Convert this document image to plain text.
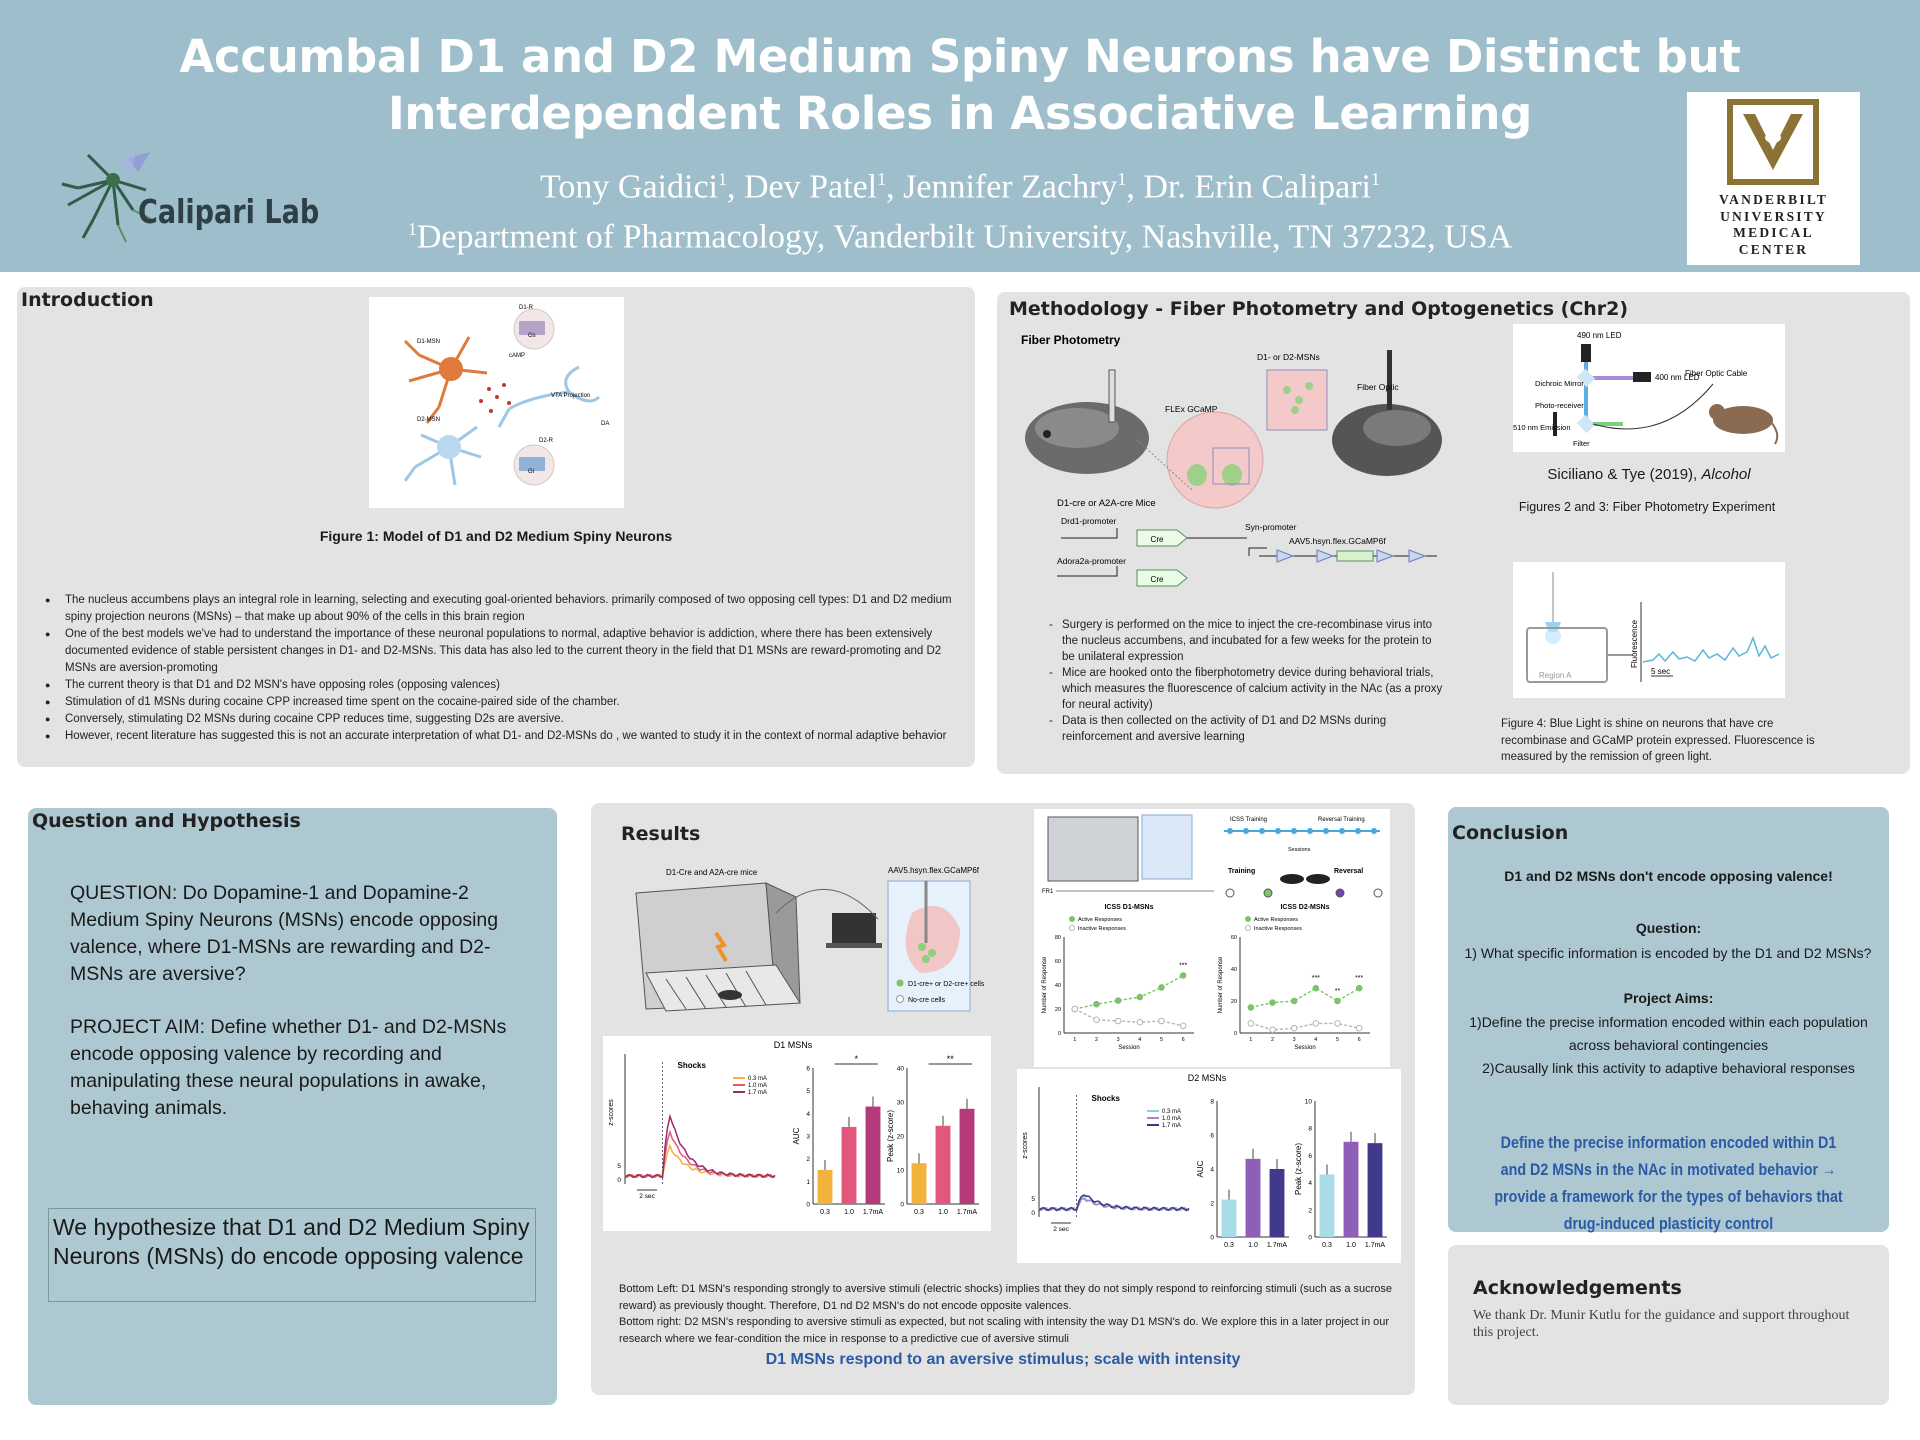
Accumbal D1 and D2 Medium Spiny Neurons have Distinct but
Interdependent Roles in Associative Learning
Calipari Lab
Tony Gaidici$^1$, Dev Patel$^1$, Jennifer Zachry$^1$, Dr. Erin Calipari$^1$
$^1$Department of Pharmacology, Vanderbilt University, Nashville, TN 37232, USA
VANDERBILT
UNIVERSITY
MEDICAL
CENTER
Introduction	D1-R
D1-MSN
cAMP
VTA Projection
D2-MSN
D2-R
DA
Gs
Gi
Figure 1: Model of D1 and D2 Medium Spiny Neurons
● The nucleus accumbens plays an integral role in learning, selecting and executing goal-oriented behaviors. primarily composed of two opposing cell types: D1 and D2 medium spiny projection neurons (MSNs) – that make up about 90% of the cells in this brain region
● One of the best models we've had to understand the importance of these neuronal populations to normal, adaptive behavior is addiction, where there has been extensively documented evidence of stable persistent changes in D1- and D2-MSNs. This data has also led to the current theory in the field that D1 MSNs are reward-promoting and D2 MSNs are aversion-promoting
● The current theory is that D1 and D2 MSN's have opposing roles (opposing valences)
● Stimulation of d1 MSNs during cocaine CPP increased time spent on the cocaine-paired side of the chamber.
● Conversely, stimulating D2 MSNs during cocaine CPP reduces time, suggesting D2s are aversive.
● However, recent literature has suggested this is not an accurate interpretation of what D1- and D2-MSNs do , we wanted to study it in the context of normal adaptive behavior
Methodology - Fiber Photometry and Optogenetics (Chr2)
Fiber Photometry
D1- or D2-MSNs
Fiber Optic
FLEx GCaMP
D1-cre or A2A-cre Mice
Drd1-promoter
Adora2a-promoter
Cre
Cre
Syn-promoter
AAV5.hsyn.flex.GCaMP6f
- Surgery is performed on the mice to inject the cre-recombinase virus into the nucleus accumbens, and incubated for a few weeks for the protein to be unilateral expression
- Mice are hooked onto the fiberphotometry device during behavioral trials, which measures the fluorescence of calcium activity in the NAc (as a proxy for neural activity)
- Data is then collected on the activity of D1 and D2 MSNs during reinforcement and aversive learning
490 nm LED
400 nm LED
Fiber Optic Cable
Dichroic Mirror
Photo-receiver
510 nm Emission
Filter
Siciliano & Tye (2019), Alcohol
Figures 2 and 3: Fiber Photometry Experiment
Region A
Fluorescence
5 sec
Figure 4: Blue Light is shine on neurons that have cre recombinase and GCaMP protein expressed. Fluorescence is measured by the remission of green light.
Question and Hypothesis
QUESTION: Do Dopamine-1 and Dopamine-2 Medium Spiny Neurons (MSNs) encode opposing valence, where D1-MSNs are rewarding and D2-MSNs are aversive?
PROJECT AIM: Define whether D1- and D2-MSNs encode opposing valence by recording and manipulating these neural populations in awake, behaving animals.
We hypothesize that D1 and D2 Medium Spiny Neurons (MSNs) do encode opposing valence
Results
D1-Cre and A2A-cre mice	AAV5.hsyn.flex.GCaMP6f
D1-cre+ or D2-cre+ cells
No-cre cells
ICSS Training	Reversal Training
Sessions
Training	Reversal
FR1
ICSS D1-MSNs
0
20
40
60
80
1	2	3	4	5	6
Session
Number of Response
Active Responses
Inactive Responses
***
ICSS D2-MSNs
0
20
40
60
1	2	3	4	5	6
Session
Number of Response
Active Responses
Inactive Responses
***
**
***
D1 MSNs
Shocks
z-scores
5
0
2 sec
0.3 mA
1.0 mA
1.7 mA
0
1
2
3
4
5
6
AUC
0.3 1.0 1.7mA
*
0
10
20
30
40
Peak (z-score)
0.3 1.0 1.7mA
**
D2 MSNs
Shocks
z-scores
5
0
2 sec
0.3 mA
1.0 mA
1.7 mA
0
2
4
6
8
AUC
0.3 1.0 1.7mA
0
2
4
6
8
10
Peak (z-score)
0.3 1.0 1.7mA
Bottom Left: D1 MSN's responding strongly to aversive stimuli (electric shocks) implies that they do not simply respond to reinforcing stimuli (such as a sucrose reward) as previously thought. Therefore, D1 nd D2 MSN's do not encode opposite valences.
Bottom right: D2 MSN's responding to aversive stimuli as expected, but not scaling with intensity the way D1 MSN's do. We explore this in a later project in our research where we fear-condition the mice in response to a predictive cue of aversive stimuli
D1 MSNs respond to an aversive stimulus; scale with intensity
Conclusion
D1 and D2 MSNs don't encode opposing valence!
Question:
1) What specific information is encoded by the D1 and D2 MSNs?
Project Aims:
1)Define the precise information encoded within each population across behavioral contingencies
2)Causally link this activity to adaptive behavioral responses
Define the precise information encoded within D1 and D2 MSNs in the NAc in motivated behavior → provide a framework for the types of behaviors that drug-induced plasticity control
Acknowledgements
We thank Dr. Munir Kutlu for the guidance and support throughout this project.
